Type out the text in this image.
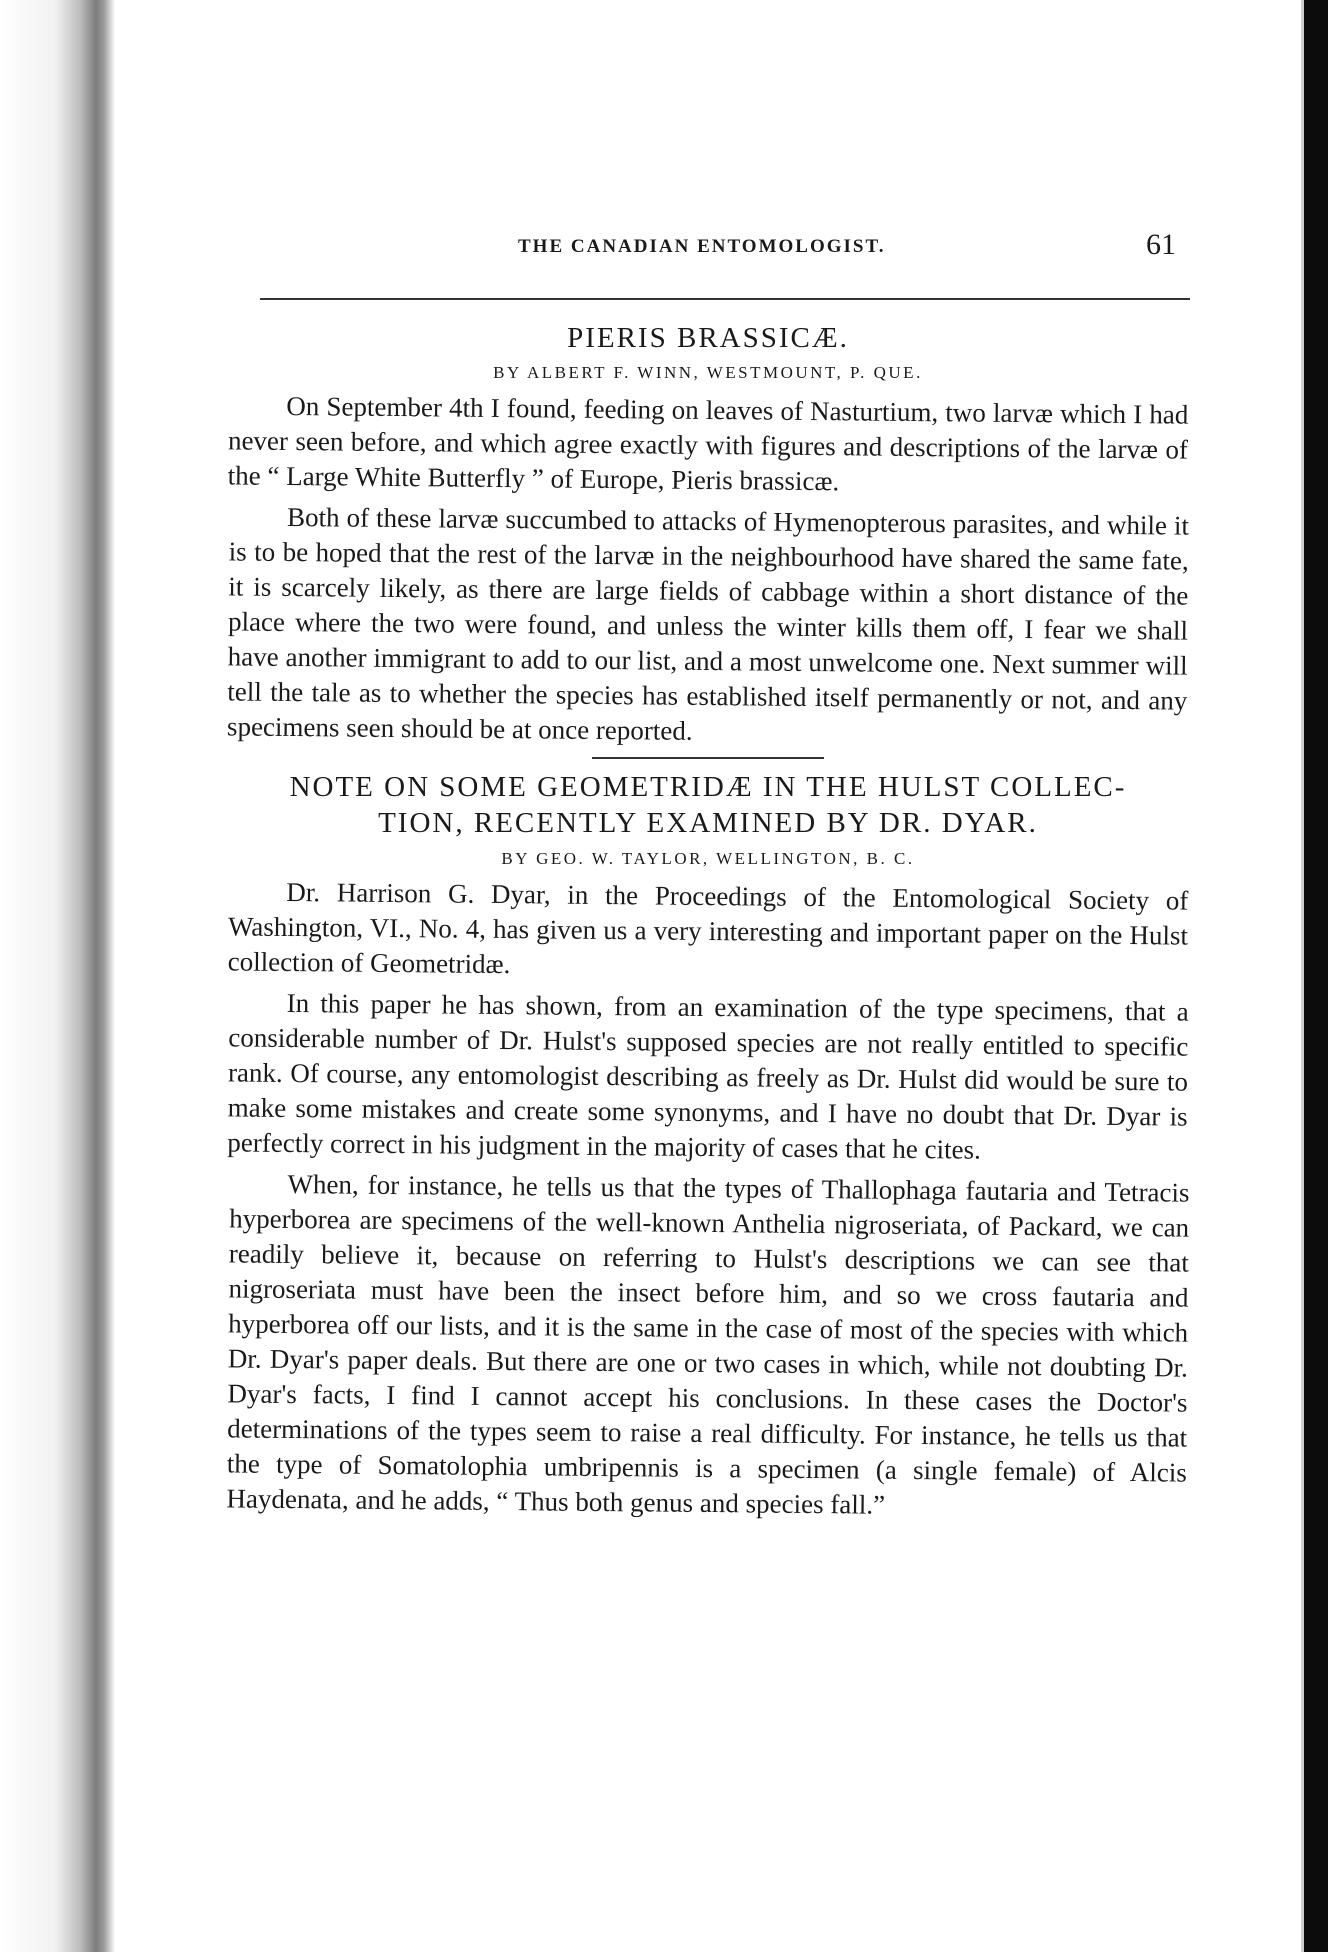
THE CANADIAN ENTOMOLOGIST.	61
PIERIS BRASSICÆ.
BY ALBERT F. WINN, WESTMOUNT, P. QUE.

On September 4th I found, feeding on leaves of Nasturtium, two larvæ which I had never seen before, and which agree exactly with figures and descriptions of the larvæ of the “ Large White Butterfly ” of Europe, Pieris brassicæ.

Both of these larvæ succumbed to attacks of Hymenopterous parasites, and while it is to be hoped that the rest of the larvæ in the neighbourhood have shared the same fate, it is scarcely likely, as there are large fields of cabbage within a short distance of the place where the two were found, and unless the winter kills them off, I fear we shall have another immigrant to add to our list, and a most unwelcome one. Next summer will tell the tale as to whether the species has established itself permanently or not, and any specimens seen should be at once reported.

NOTE ON SOME GEOMETRIDÆ IN THE HULST COLLEC-
TION, RECENTLY EXAMINED BY DR. DYAR.
BY GEO. W. TAYLOR, WELLINGTON, B. C.

Dr. Harrison G. Dyar, in the Proceedings of the Entomological Society of Washington, VI., No. 4, has given us a very interesting and important paper on the Hulst collection of Geometridæ.

In this paper he has shown, from an examination of the type specimens, that a considerable number of Dr. Hulst's supposed species are not really entitled to specific rank. Of course, any entomologist describing as freely as Dr. Hulst did would be sure to make some mistakes and create some synonyms, and I have no doubt that Dr. Dyar is perfectly correct in his judgment in the majority of cases that he cites.

When, for instance, he tells us that the types of Thallophaga fautaria and Tetracis hyperborea are specimens of the well-known Anthelia nigroseriata, of Packard, we can readily believe it, because on referring to Hulst's descriptions we can see that nigroseriata must have been the insect before him, and so we cross fautaria and hyperborea off our lists, and it is the same in the case of most of the species with which Dr. Dyar's paper deals. But there are one or two cases in which, while not doubting Dr. Dyar's facts, I find I cannot accept his conclusions. In these cases the Doctor's determinations of the types seem to raise a real difficulty. For instance, he tells us that the type of Somatolophia umbripennis is a specimen (a single female) of Alcis Haydenata, and he adds, “ Thus both genus and species fall.”
